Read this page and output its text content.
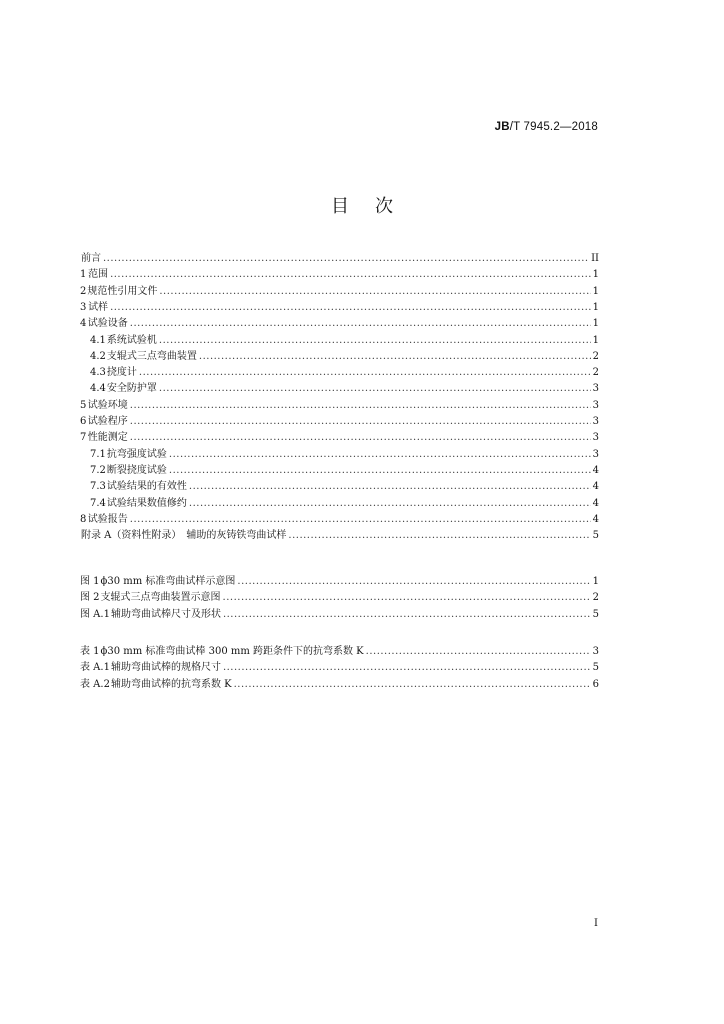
JB/T 7945.2—2018
目次
前言 .....	II
1 范围 .....	1
2 规范性引用文件 .....	1
3 试样 .....	1
4 试验设备 .....	1
4.1 系统试验机 .....	1
4.2 支辊式三点弯曲装置 .....	2
4.3 挠度计 .....	2
4.4 安全防护罩 .....	3
5 试验环境 .....	3
6 试验程序 .....	3
7 性能测定 .....	3
7.1 抗弯强度试验 .....	3
7.2 断裂挠度试验 .....	4
7.3 试验结果的有效性 .....	4
7.4 试验结果数值修约 .....	4
8 试验报告 .....	4
附录 A（资料性附录）　辅助的灰铸铁弯曲试样 .....	5
图 1 ϕ30 mm 标准弯曲试样示意图 .....	1
图 2 支辊式三点弯曲装置示意图 .....	2
图 A.1 辅助弯曲试棒尺寸及形状 .....	5
表 1 ϕ30 mm 标准弯曲试棒 300 mm 跨距条件下的抗弯系数 K .....	3
表 A.1 辅助弯曲试棒的规格尺寸 .....	5
表 A.2 辅助弯曲试棒的抗弯系数 K .....	6
I
